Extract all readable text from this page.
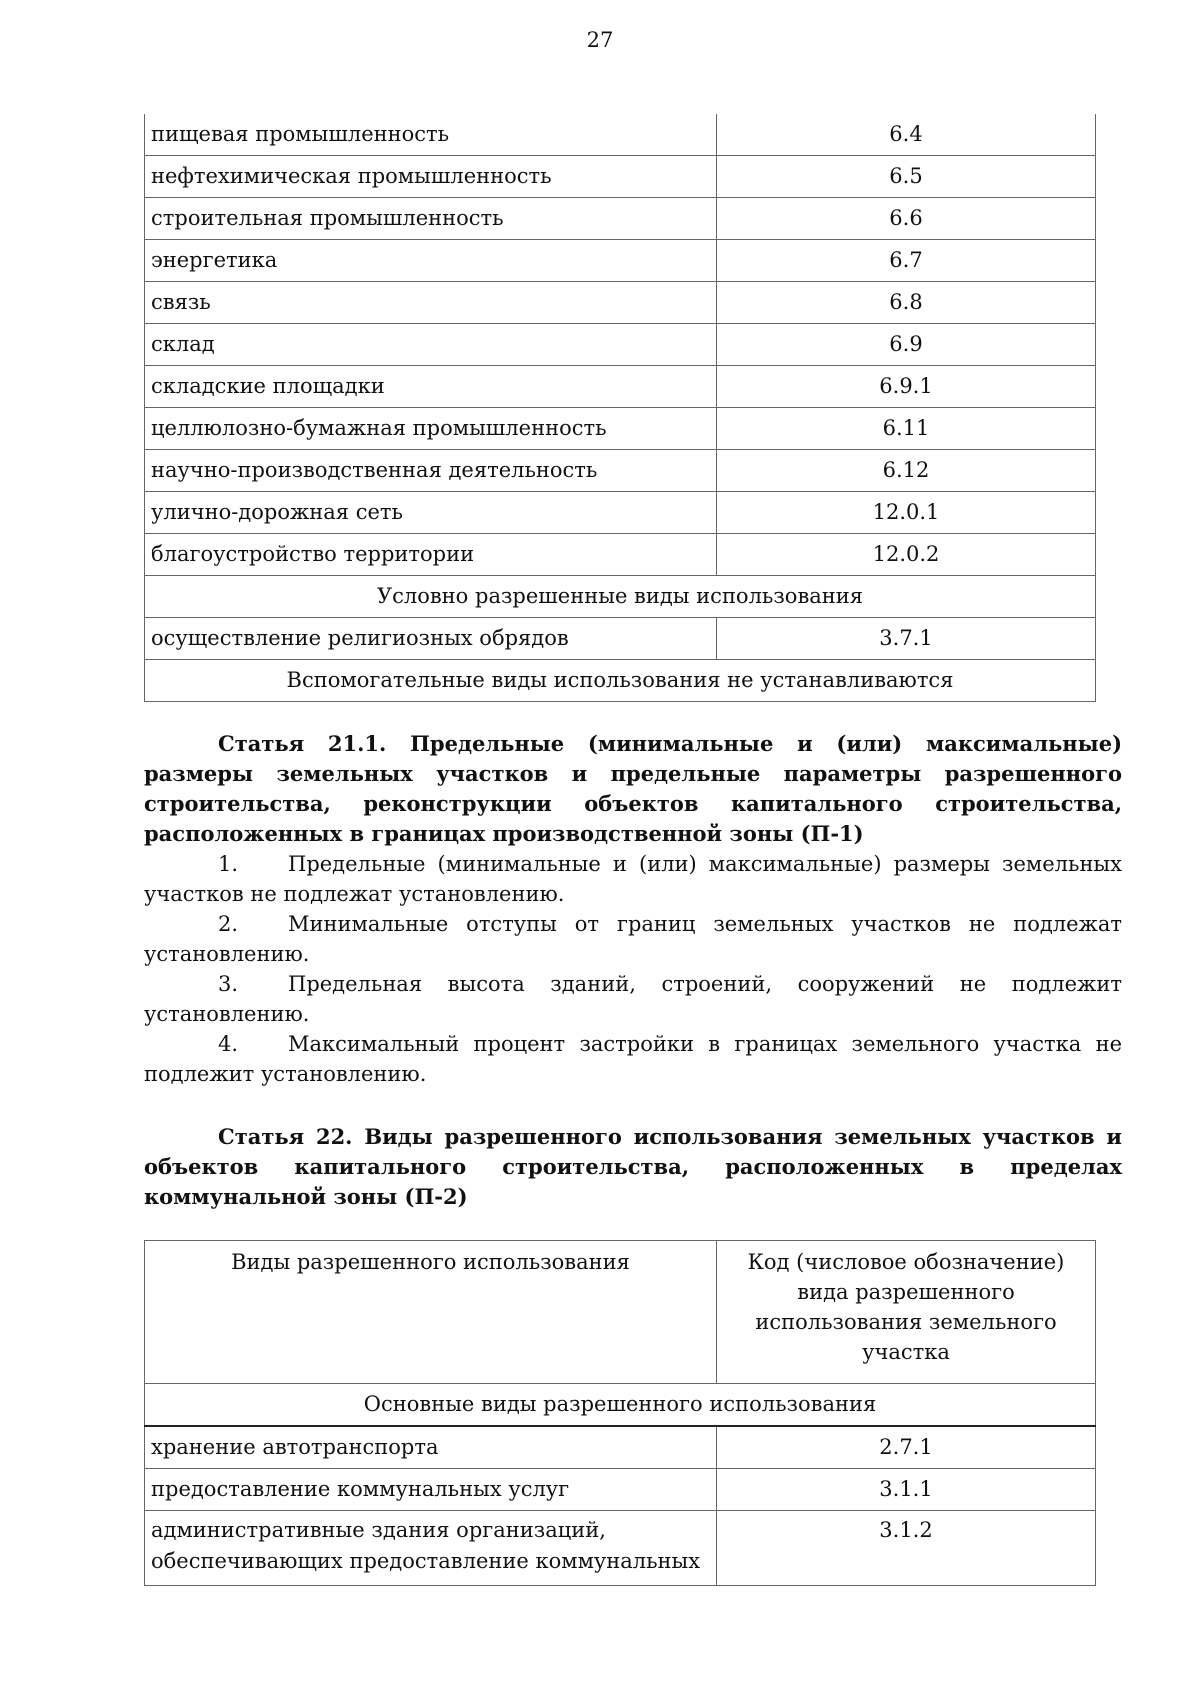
27
пищевая промышленность	6.4
нефтехимическая промышленность	6.5
строительная промышленность	6.6
энергетика	6.7
связь	6.8
склад	6.9
складские площадки	6.9.1
целлюлозно-бумажная промышленность	6.11
научно-производственная деятельность	6.12
улично-дорожная сеть	12.0.1
благоустройство территории	12.0.2
Условно разрешенные виды использования	
осуществление религиозных обрядов	3.7.1
Вспомогательные виды использования не устанавливаются	

Статья 21.1. Предельные (минимальные и (или) максимальные) размеры земельных участков и предельные параметры разрешенного строительства, реконструкции объектов капитального строительства, расположенных в границах производственной зоны (П-1)

1. Предельные (минимальные и (или) максимальные) размеры земельных участков не подлежат установлению.

2. Минимальные отступы от границ земельных участков не подлежат установлению.

3. Предельная высота зданий, строений, сооружений не подлежит установлению.

4. Максимальный процент застройки в границах земельного участка не подлежит установлению.

Статья 22. Виды разрешенного использования земельных участков и объектов капитального строительства, расположенных в пределах коммунальной зоны (П-2)

Виды разрешенного использования	Код (числовое обозначение) вида разрешенного использования земельного участка
Основные виды разрешенного использования	
хранение автотранспорта	2.7.1
предоставление коммунальных услуг	3.1.1
административные здания организаций, обеспечивающих предоставление коммунальных	3.1.2
